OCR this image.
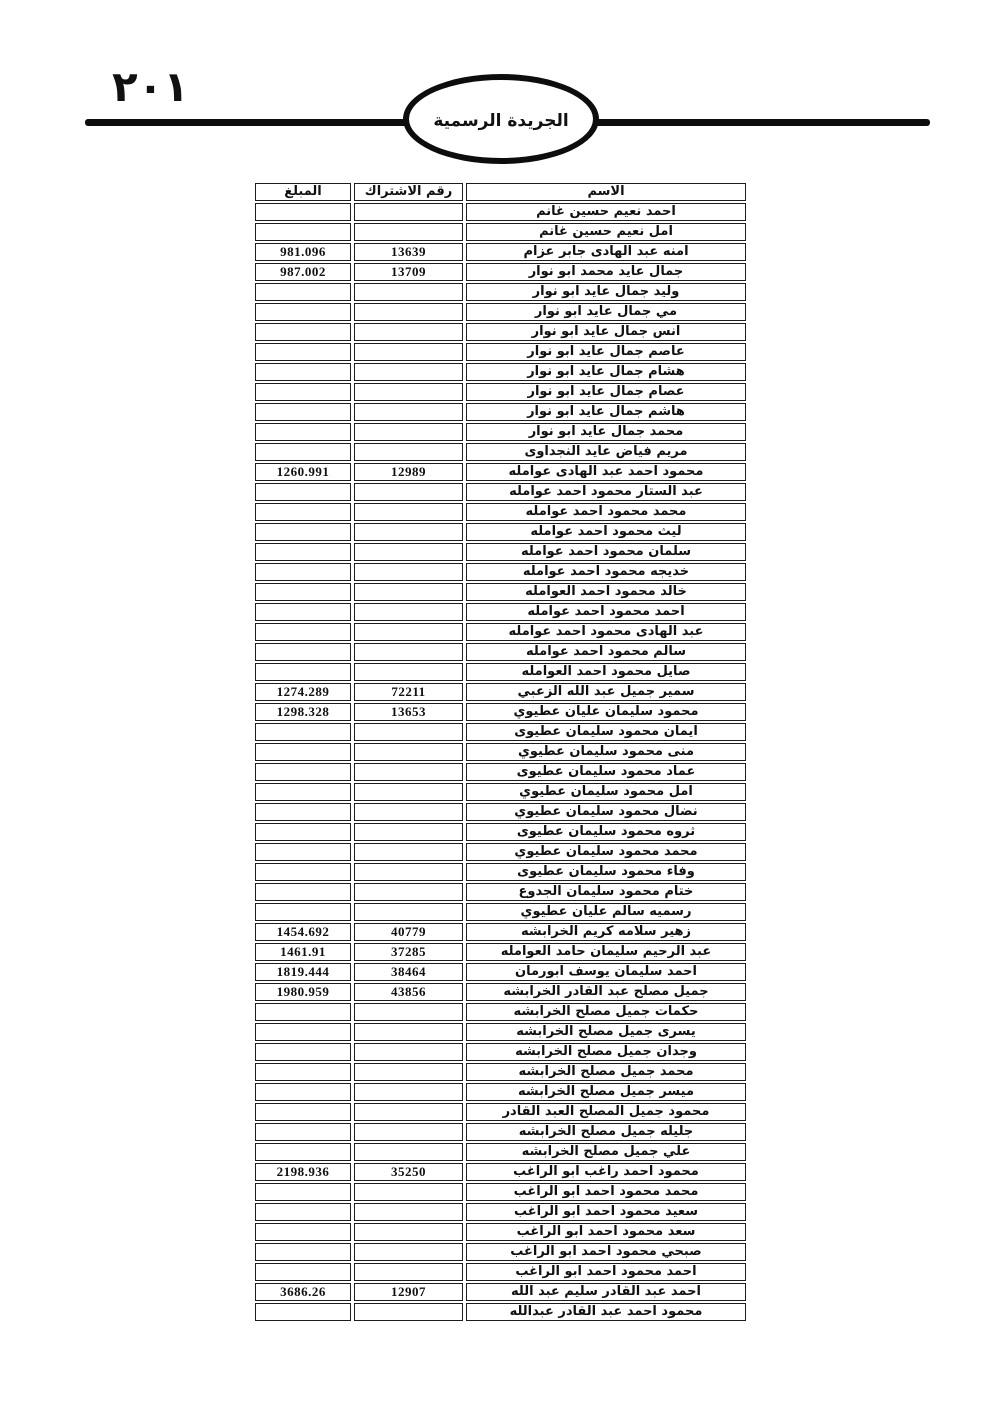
٢٠١
الجريدة الرسمية
الاسم	رقم الاشتراك	المبلغ
احمد نعيم حسين غانم		
امل نعيم حسين غانم		
امنه عبد الهادى جابر عزام	13639	981.096
جمال عايد محمد ابو نوار	13709	987.002
وليد جمال عايد ابو نوار		
مي جمال عايد ابو نوار		
انس جمال عايد ابو نوار		
عاصم جمال عايد ابو نوار		
هشام جمال عايد ابو نوار		
عصام جمال عايد ابو نوار		
هاشم جمال عايد ابو نوار		
محمد جمال عايد ابو نوار		
مريم فياض عايد النجداوى		
محمود احمد عبد الهادى عوامله	12989	1260.991
عبد الستار محمود احمد عوامله		
محمد محمود احمد عوامله		
ليث محمود احمد عوامله		
سلمان محمود احمد عوامله		
خديجه محمود احمد عوامله		
خالد محمود احمد العوامله		
احمد محمود احمد عوامله		
عبد الهادى محمود احمد عوامله		
سالم محمود احمد عوامله		
صايل محمود احمد العوامله		
سمير جميل عبد الله الزعبي	72211	1274.289
محمود سليمان عليان عطيوي	13653	1298.328
ايمان محمود سليمان عطيوى		
منى محمود سليمان عطيوي		
عماد محمود سليمان عطيوى		
امل محمود سليمان عطيوي		
نضال محمود سليمان عطيوي		
ثروه محمود سليمان عطيوى		
محمد محمود سليمان عطيوي		
وفاء محمود سليمان عطيوى		
ختام محمود سليمان الجدوع		
رسميه سالم عليان عطيوي		
زهير سلامه كريم الخرابشه	40779	1454.692
عبد الرحيم سليمان حامد العوامله	37285	1461.91
احمد سليمان يوسف ابورمان	38464	1819.444
جميل مصلح عبد القادر الخرابشه	43856	1980.959
حكمات جميل مصلح الخرابشه		
يسرى جميل مصلح الخرابشه		
وجدان جميل مصلح الخرابشه		
محمد جميل مصلح الخرابشه		
ميسر جميل مصلح الخرابشه		
محمود جميل المصلح العبد القادر		
جليله جميل مصلح الخرابشه		
علي جميل مصلح الخرابشه		
محمود احمد راغب ابو الراغب	35250	2198.936
محمد محمود احمد ابو الراغب		
سعيد محمود احمد ابو الراغب		
سعد محمود احمد ابو الراغب		
صبحي محمود احمد ابو الراغب		
احمد محمود احمد ابو الراغب		
احمد عبد القادر سليم عبد الله	12907	3686.26
محمود احمد عبد القادر عبدالله		
